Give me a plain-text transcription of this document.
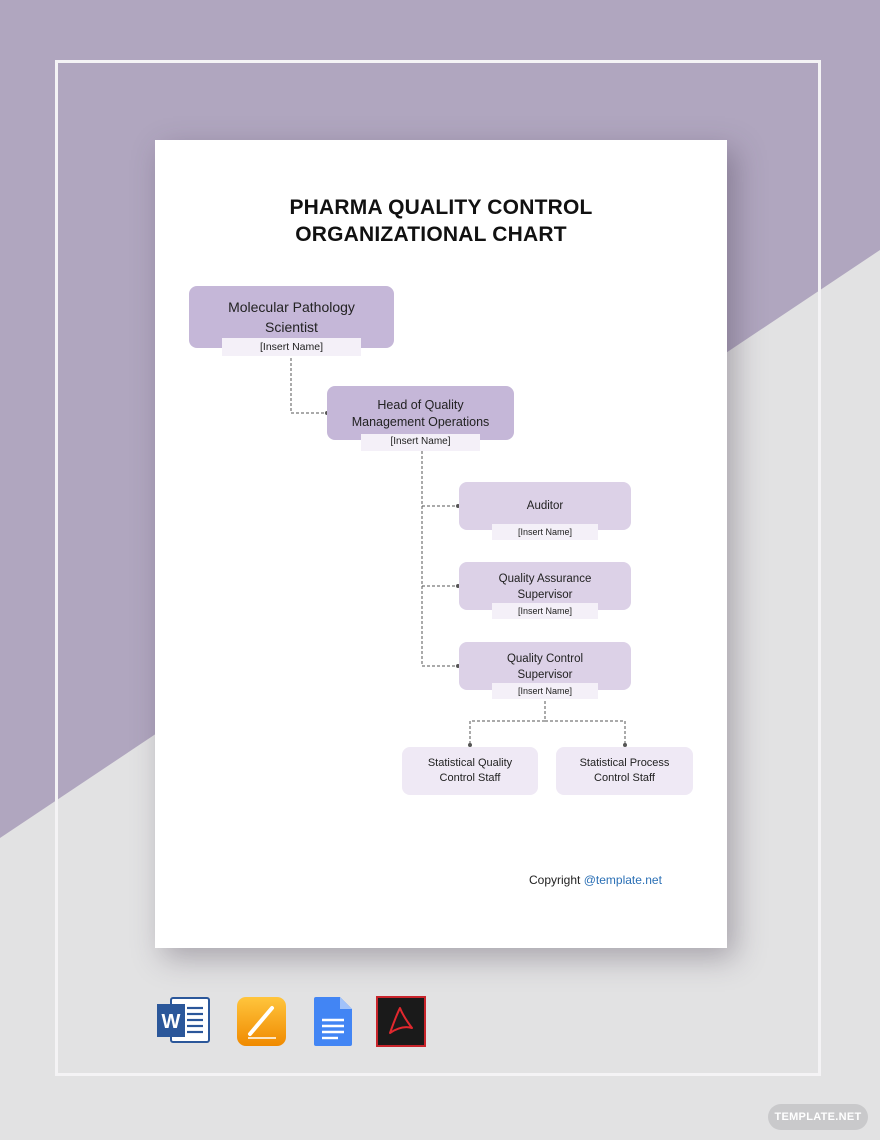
PHARMA QUALITY CONTROL
ORGANIZATIONAL CHART
Molecular Pathology
Scientist
[Insert Name]
Head of Quality
Management Operations
[Insert Name]
Auditor
[Insert Name]
Quality Assurance
Supervisor
[Insert Name]
Quality Control
Supervisor
[Insert Name]
Statistical Quality
Control Staff
Statistical Process
Control Staff
Copyright @template.net
W
TEMPLATE.NET
